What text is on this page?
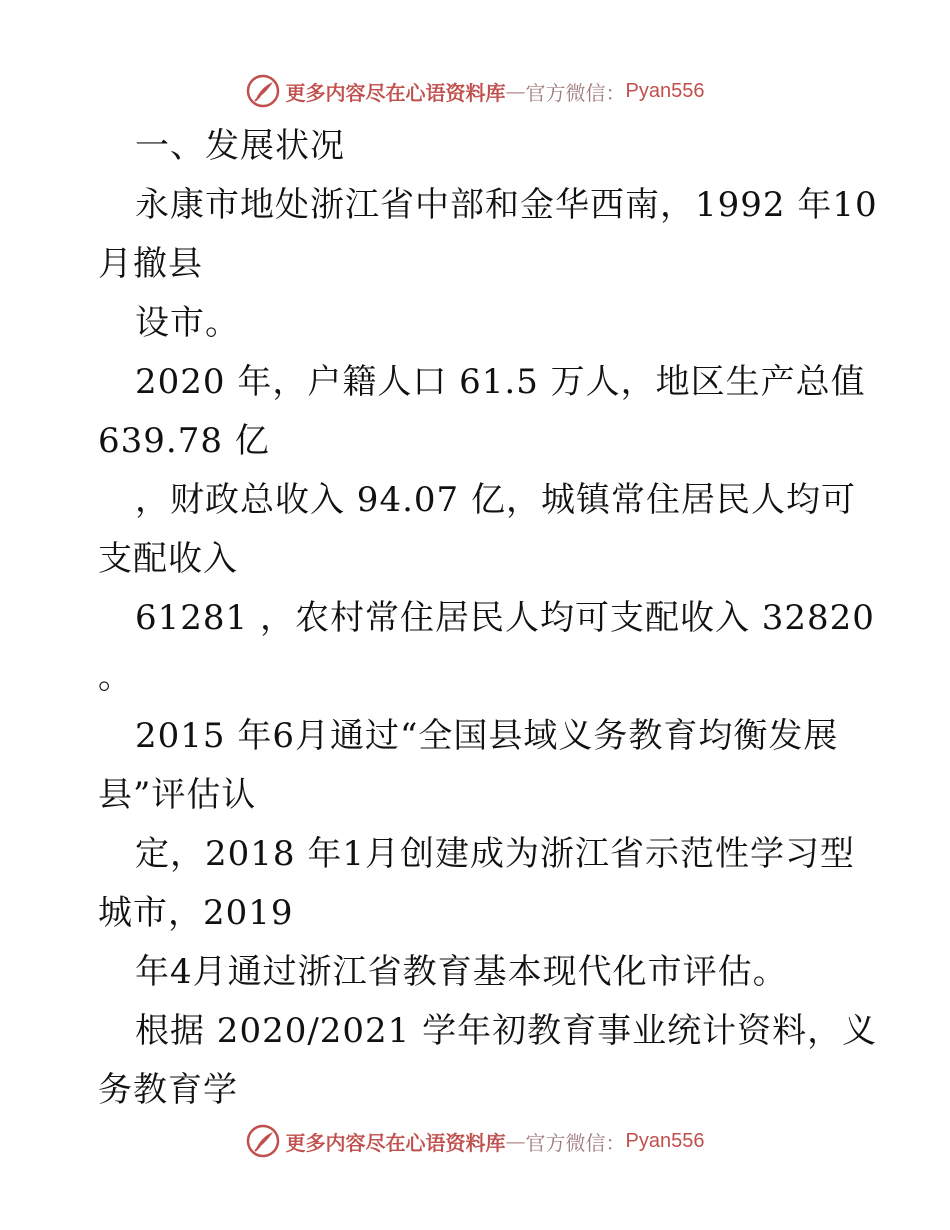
更多内容尽在心语资料库 — 官方微信： Pyan556
一、发展状况
永康市地处浙江省中部和金华西南，1992 年10
月撤县
设市。
2020 年，户籍人口 61.5 万人，地区生产总值
639.78 亿
，财政总收入 94.07 亿，城镇常住居民人均可
支配收入
61281 ，农村常住居民人均可支配收入 32820
。
2015 年6月通过“全国县域义务教育均衡发展
县”评估认
定，2018 年1月创建成为浙江省示范性学习型
城市，2019
年4月通过浙江省教育基本现代化市评估。
根据 2020/2021 学年初教育事业统计资料，义
务教育学
更多内容尽在心语资料库 — 官方微信： Pyan556
